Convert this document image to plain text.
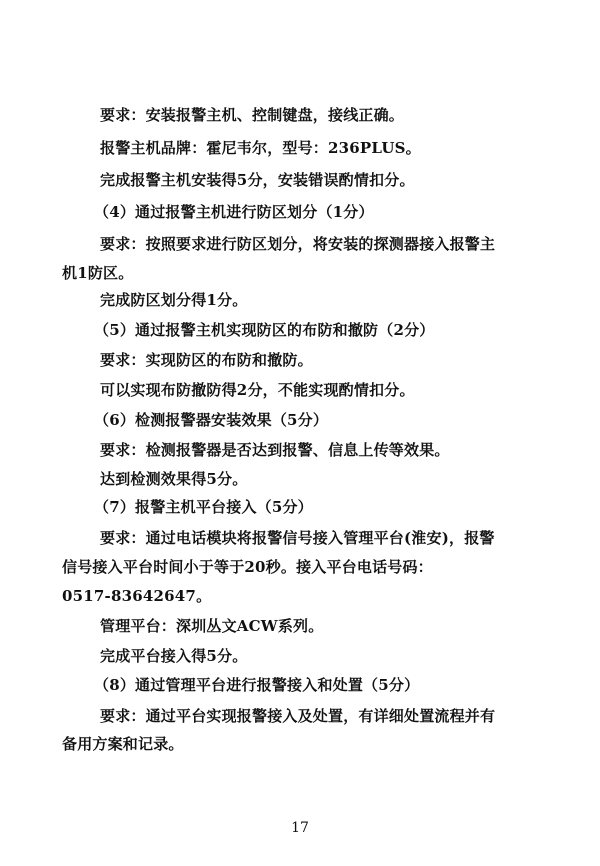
要求：安装报警主机、控制键盘，接线正确。
报警主机品牌：霍尼韦尔，型号：236PLUS。
完成报警主机安装得5分，安装错误酌情扣分。
（4）通过报警主机进行防区划分（1分）
要求：按照要求进行防区划分，将安装的探测器接入报警主
机1防区。
完成防区划分得1分。
（5）通过报警主机实现防区的布防和撤防（2分）
要求：实现防区的布防和撤防。
可以实现布防撤防得2分，不能实现酌情扣分。
（6）检测报警器安装效果（5分）
要求：检测报警器是否达到报警、信息上传等效果。
达到检测效果得5分。
（7）报警主机平台接入（5分）
要求：通过电话模块将报警信号接入管理平台(淮安)，报警
信号接入平台时间小于等于20秒。接入平台电话号码：
0517-83642647。
管理平台：深圳丛文ACW系列。
完成平台接入得5分。
（8）通过管理平台进行报警接入和处置（5分）
要求：通过平台实现报警接入及处置，有详细处置流程并有
备用方案和记录。
17
